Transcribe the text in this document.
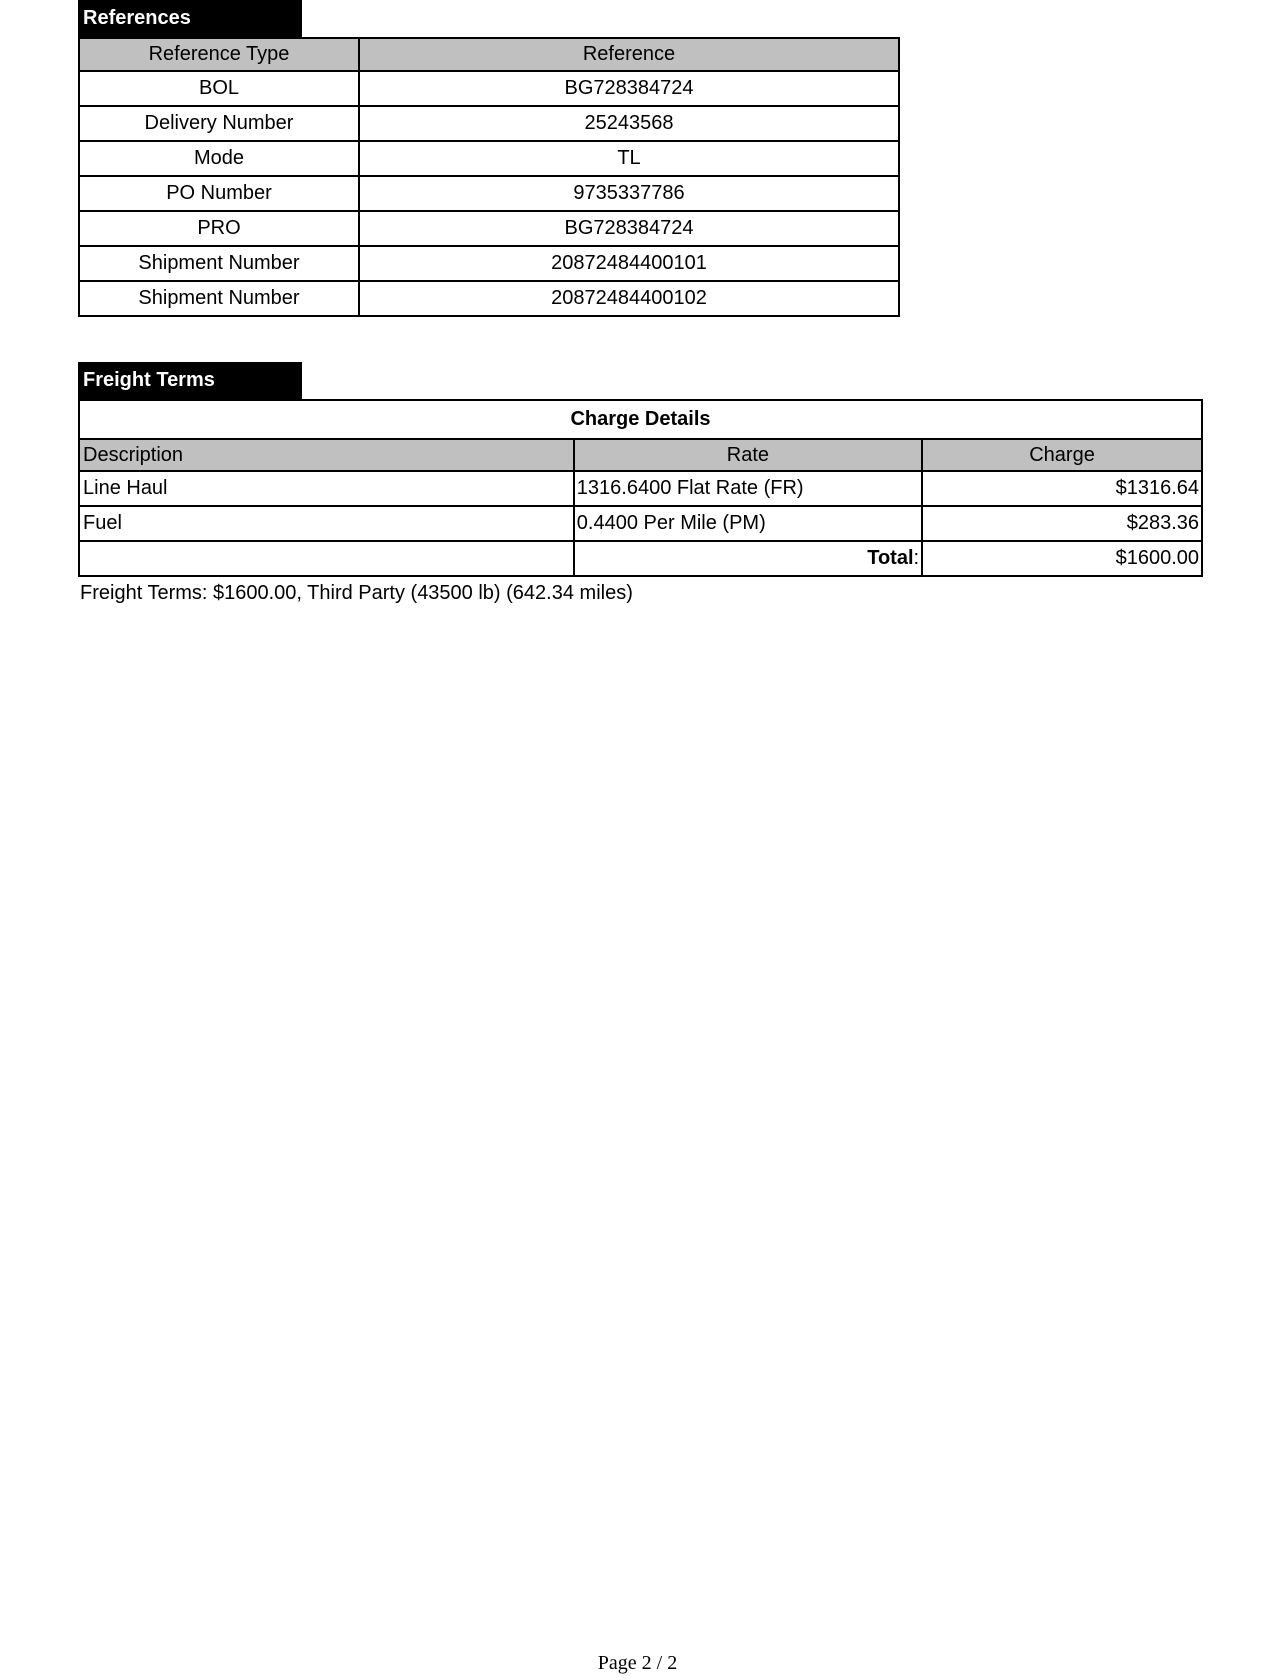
References
Reference Type	Reference
BOL	BG728384724
Delivery Number	25243568
Mode	TL
PO Number	9735337786
PRO	BG728384724
Shipment Number	20872484400101
Shipment Number	20872484400102
Freight Terms
Charge Details		
Description	Rate	Charge
Line Haul	1316.6400 Flat Rate (FR)	$1316.64
Fuel	0.4400 Per Mile (PM)	$283.36
	Total:	$1600.00
Freight Terms: $1600.00, Third Party (43500 lb) (642.34 miles)
Page 2 / 2
